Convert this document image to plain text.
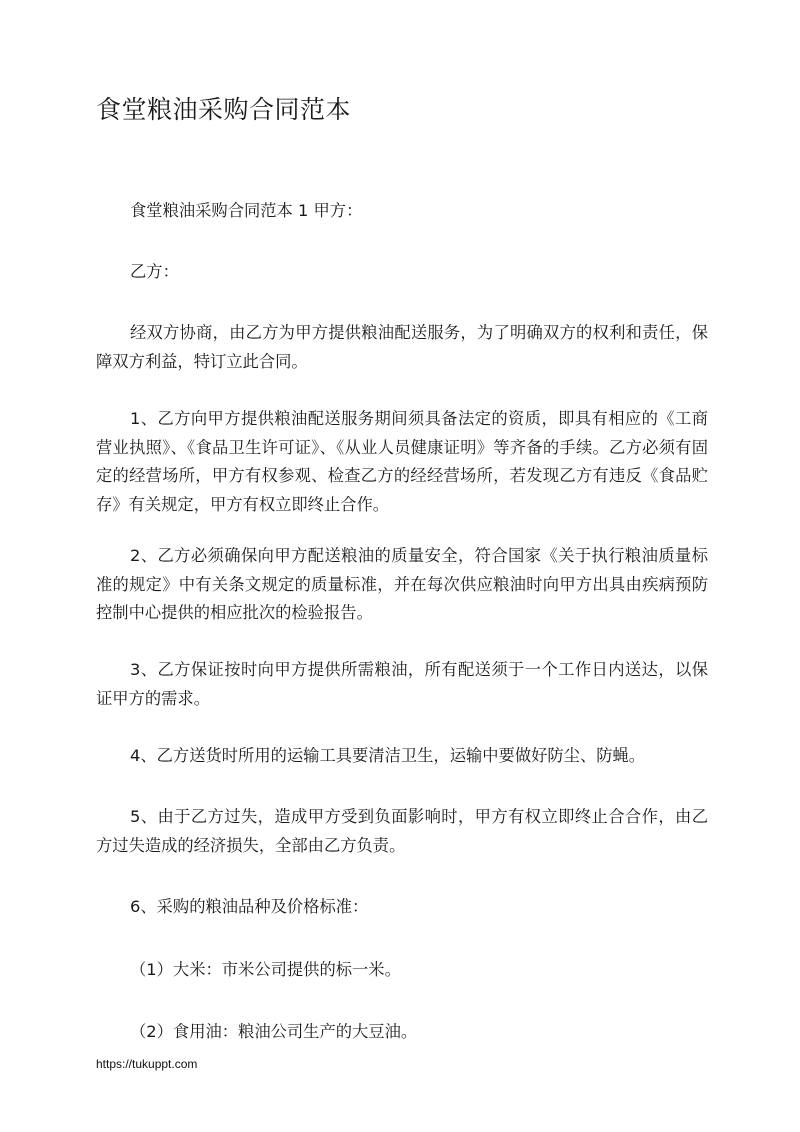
食堂粮油采购合同范本

食堂粮油采购合同范本 1 甲方：

乙方：

经双方协商，由乙方为甲方提供粮油配送服务，为了明确双方的权利和责任，保障双方利益，特订立此合同。

1、乙方向甲方提供粮油配送服务期间须具备法定的资质，即具有相应的《工商营业执照》、《食品卫生许可证》、《从业人员健康证明》等齐备的手续。乙方必须有固定的经营场所，甲方有权参观、检查乙方的经经营场所，若发现乙方有违反《食品贮存》有关规定，甲方有权立即终止合作。

2、乙方必须确保向甲方配送粮油的质量安全，符合国家《关于执行粮油质量标准的规定》中有关条文规定的质量标准，并在每次供应粮油时向甲方出具由疾病预防控制中心提供的相应批次的检验报告。

3、乙方保证按时向甲方提供所需粮油，所有配送须于一个工作日内送达，以保证甲方的需求。

4、乙方送货时所用的运输工具要清洁卫生，运输中要做好防尘、防蝇。

5、由于乙方过失，造成甲方受到负面影响时，甲方有权立即终止合合作，由乙方过失造成的经济损失，全部由乙方负责。

6、采购的粮油品种及价格标准：

（1）大米：市米公司提供的标一米。

（2）食用油：粮油公司生产的大豆油。

https://tukuppt.com
